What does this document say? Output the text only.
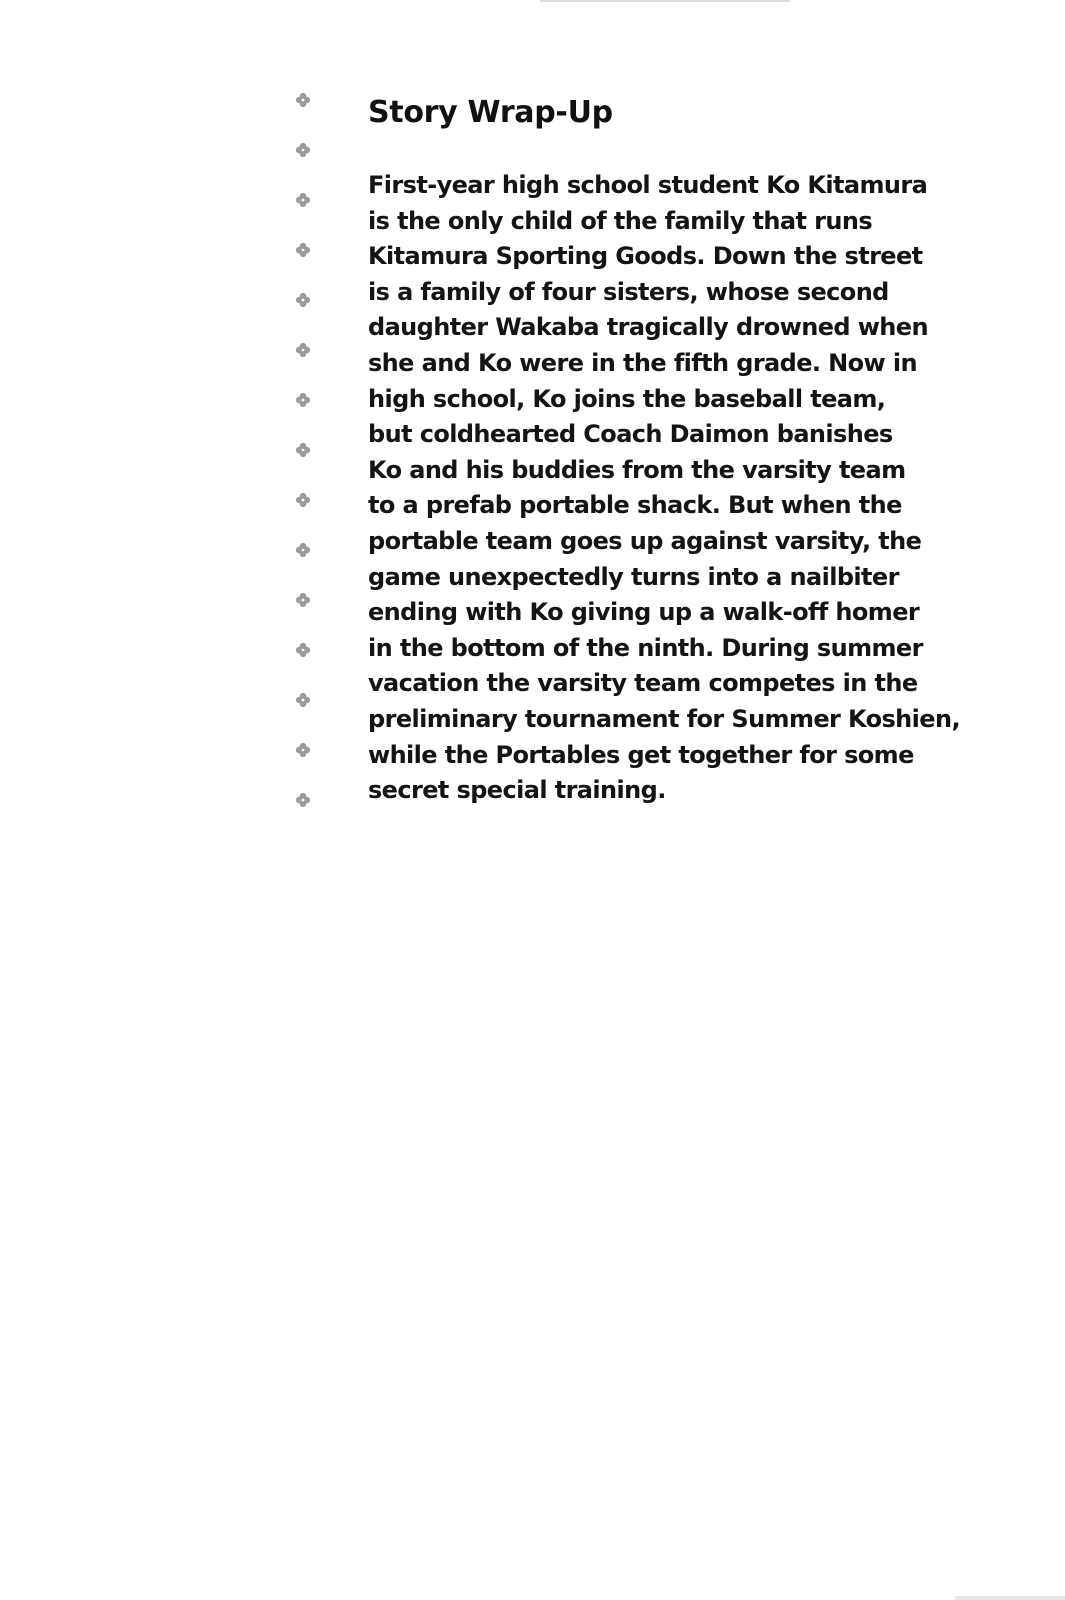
Story Wrap-Up

First-year high school student Ko Kitamura
is the only child of the family that runs
Kitamura Sporting Goods. Down the street
is a family of four sisters, whose second
daughter Wakaba tragically drowned when
she and Ko were in the fifth grade. Now in
high school, Ko joins the baseball team,
but coldhearted Coach Daimon banishes
Ko and his buddies from the varsity team
to a prefab portable shack. But when the
portable team goes up against varsity, the
game unexpectedly turns into a nailbiter
ending with Ko giving up a walk-off homer
in the bottom of the ninth. During summer
vacation the varsity team competes in the
preliminary tournament for Summer Koshien,
while the Portables get together for some
secret special training.
